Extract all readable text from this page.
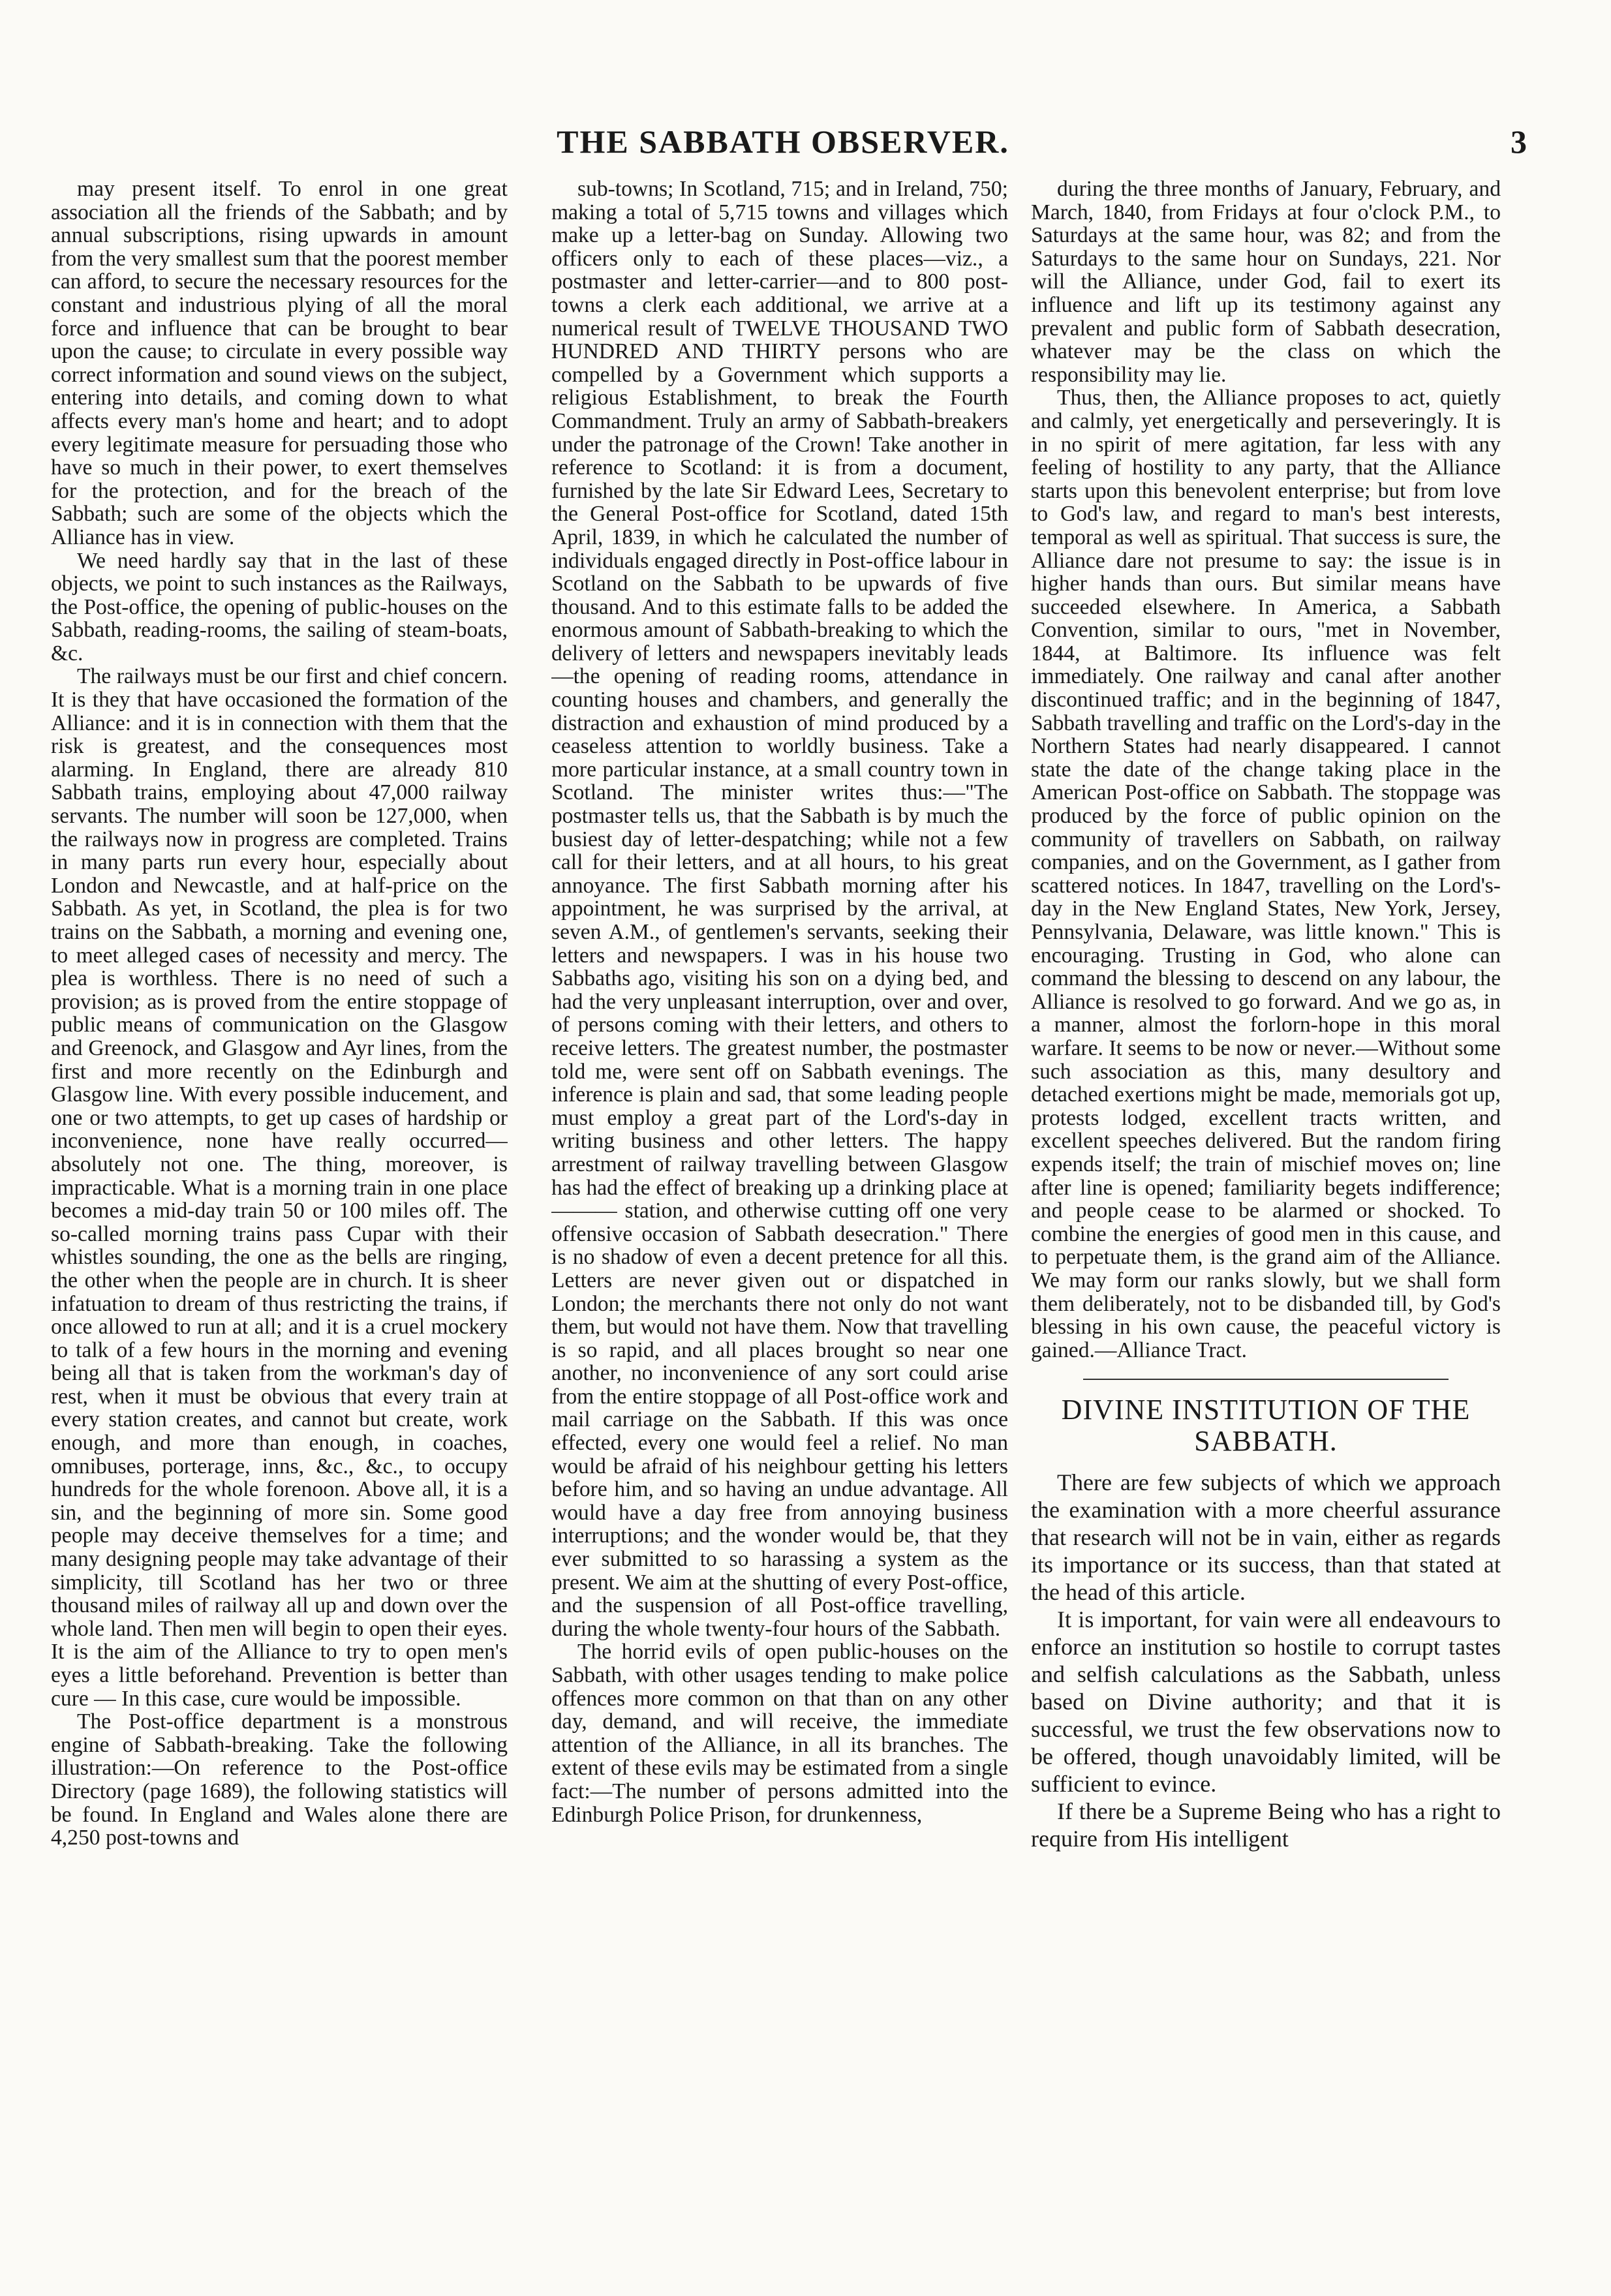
THE SABBATH OBSERVER.	3

may present itself. To enrol in one great association all the friends of the Sabbath; and by annual subscriptions, rising upwards in amount from the very smallest sum that the poorest member can afford, to secure the necessary resources for the constant and industrious plying of all the moral force and influence that can be brought to bear upon the cause; to circulate in every possible way correct information and sound views on the subject, entering into details, and coming down to what affects every man's home and heart; and to adopt every legitimate measure for persuading those who have so much in their power, to exert themselves for the protection, and for the breach of the Sabbath; such are some of the objects which the Alliance has in view.

We need hardly say that in the last of these objects, we point to such instances as the Railways, the Post-office, the opening of public-houses on the Sabbath, reading-rooms, the sailing of steam-boats, &c.

The railways must be our first and chief concern. It is they that have occasioned the formation of the Alliance: and it is in connection with them that the risk is greatest, and the consequences most alarming. In England, there are already 810 Sabbath trains, employing about 47,000 railway servants. The number will soon be 127,000, when the railways now in progress are completed. Trains in many parts run every hour, especially about London and Newcastle, and at half-price on the Sabbath. As yet, in Scotland, the plea is for two trains on the Sabbath, a morning and evening one, to meet alleged cases of necessity and mercy. The plea is worthless. There is no need of such a provision; as is proved from the entire stoppage of public means of communication on the Glasgow and Greenock, and Glasgow and Ayr lines, from the first and more recently on the Edinburgh and Glasgow line. With every possible inducement, and one or two attempts, to get up cases of hardship or inconvenience, none have really occurred—absolutely not one. The thing, moreover, is impracticable. What is a morning train in one place becomes a mid-day train 50 or 100 miles off. The so-called morning trains pass Cupar with their whistles sounding, the one as the bells are ringing, the other when the people are in church. It is sheer infatuation to dream of thus restricting the trains, if once allowed to run at all; and it is a cruel mockery to talk of a few hours in the morning and evening being all that is taken from the workman's day of rest, when it must be obvious that every train at every station creates, and cannot but create, work enough, and more than enough, in coaches, omnibuses, porterage, inns, &c., &c., to occupy hundreds for the whole forenoon. Above all, it is a sin, and the beginning of more sin. Some good people may deceive themselves for a time; and many designing people may take advantage of their simplicity, till Scotland has her two or three thousand miles of railway all up and down over the whole land. Then men will begin to open their eyes. It is the aim of the Alliance to try to open men's eyes a little beforehand. Prevention is better than cure — In this case, cure would be impossible.

The Post-office department is a monstrous engine of Sabbath-breaking. Take the following illustration:—On reference to the Post-office Directory (page 1689), the following statistics will be found. In England and Wales alone there are 4,250 post-towns and

sub-towns; In Scotland, 715; and in Ireland, 750; making a total of 5,715 towns and villages which make up a letter-bag on Sunday. Allowing two officers only to each of these places—viz., a postmaster and letter-carrier—and to 800 post-towns a clerk each additional, we arrive at a numerical result of TWELVE THOUSAND TWO HUNDRED AND THIRTY persons who are compelled by a Government which supports a religious Establishment, to break the Fourth Commandment. Truly an army of Sabbath-breakers under the patronage of the Crown! Take another in reference to Scotland: it is from a document, furnished by the late Sir Edward Lees, Secretary to the General Post-office for Scotland, dated 15th April, 1839, in which he calculated the number of individuals engaged directly in Post-office labour in Scotland on the Sabbath to be upwards of five thousand. And to this estimate falls to be added the enormous amount of Sabbath-breaking to which the delivery of letters and newspapers inevitably leads—the opening of reading rooms, attendance in counting houses and chambers, and generally the distraction and exhaustion of mind produced by a ceaseless attention to worldly business. Take a more particular instance, at a small country town in Scotland. The minister writes thus:—"The postmaster tells us, that the Sabbath is by much the busiest day of letter-despatching; while not a few call for their letters, and at all hours, to his great annoyance. The first Sabbath morning after his appointment, he was surprised by the arrival, at seven A.M., of gentlemen's servants, seeking their letters and newspapers. I was in his house two Sabbaths ago, visiting his son on a dying bed, and had the very unpleasant interruption, over and over, of persons coming with their letters, and others to receive letters. The greatest number, the postmaster told me, were sent off on Sabbath evenings. The inference is plain and sad, that some leading people must employ a great part of the Lord's-day in writing business and other letters. The happy arrestment of railway travelling between Glasgow has had the effect of breaking up a drinking place at ——— station, and otherwise cutting off one very offensive occasion of Sabbath desecration." There is no shadow of even a decent pretence for all this. Letters are never given out or dispatched in London; the merchants there not only do not want them, but would not have them. Now that travelling is so rapid, and all places brought so near one another, no inconvenience of any sort could arise from the entire stoppage of all Post-office work and mail carriage on the Sabbath. If this was once effected, every one would feel a relief. No man would be afraid of his neighbour getting his letters before him, and so having an undue advantage. All would have a day free from annoying business interruptions; and the wonder would be, that they ever submitted to so harassing a system as the present. We aim at the shutting of every Post-office, and the suspension of all Post-office travelling, during the whole twenty-four hours of the Sabbath.

The horrid evils of open public-houses on the Sabbath, with other usages tending to make police offences more common on that than on any other day, demand, and will receive, the immediate attention of the Alliance, in all its branches. The extent of these evils may be estimated from a single fact:—The number of persons admitted into the Edinburgh Police Prison, for drunkenness,

during the three months of January, February, and March, 1840, from Fridays at four o'clock P.M., to Saturdays at the same hour, was 82; and from the Saturdays to the same hour on Sundays, 221. Nor will the Alliance, under God, fail to exert its influence and lift up its testimony against any prevalent and public form of Sabbath desecration, whatever may be the class on which the responsibility may lie.

Thus, then, the Alliance proposes to act, quietly and calmly, yet energetically and perseveringly. It is in no spirit of mere agitation, far less with any feeling of hostility to any party, that the Alliance starts upon this benevolent enterprise; but from love to God's law, and regard to man's best interests, temporal as well as spiritual. That success is sure, the Alliance dare not presume to say: the issue is in higher hands than ours. But similar means have succeeded elsewhere. In America, a Sabbath Convention, similar to ours, "met in November, 1844, at Baltimore. Its influence was felt immediately. One railway and canal after another discontinued traffic; and in the beginning of 1847, Sabbath travelling and traffic on the Lord's-day in the Northern States had nearly disappeared. I cannot state the date of the change taking place in the American Post-office on Sabbath. The stoppage was produced by the force of public opinion on the community of travellers on Sabbath, on railway companies, and on the Government, as I gather from scattered notices. In 1847, travelling on the Lord's-day in the New England States, New York, Jersey, Pennsylvania, Delaware, was little known." This is encouraging. Trusting in God, who alone can command the blessing to descend on any labour, the Alliance is resolved to go forward. And we go as, in a manner, almost the forlorn-hope in this moral warfare. It seems to be now or never.—Without some such association as this, many desultory and detached exertions might be made, memorials got up, protests lodged, excellent tracts written, and excellent speeches delivered. But the random firing expends itself; the train of mischief moves on; line after line is opened; familiarity begets indifference; and people cease to be alarmed or shocked. To combine the energies of good men in this cause, and to perpetuate them, is the grand aim of the Alliance. We may form our ranks slowly, but we shall form them deliberately, not to be disbanded till, by God's blessing in his own cause, the peaceful victory is gained.—Alliance Tract.

DIVINE INSTITUTION OF THE SABBATH.

There are few subjects of which we approach the examination with a more cheerful assurance that research will not be in vain, either as regards its importance or its success, than that stated at the head of this article.

It is important, for vain were all endeavours to enforce an institution so hostile to corrupt tastes and selfish calculations as the Sabbath, unless based on Divine authority; and that it is successful, we trust the few observations now to be offered, though unavoidably limited, will be sufficient to evince.

If there be a Supreme Being who has a right to require from His intelligent
